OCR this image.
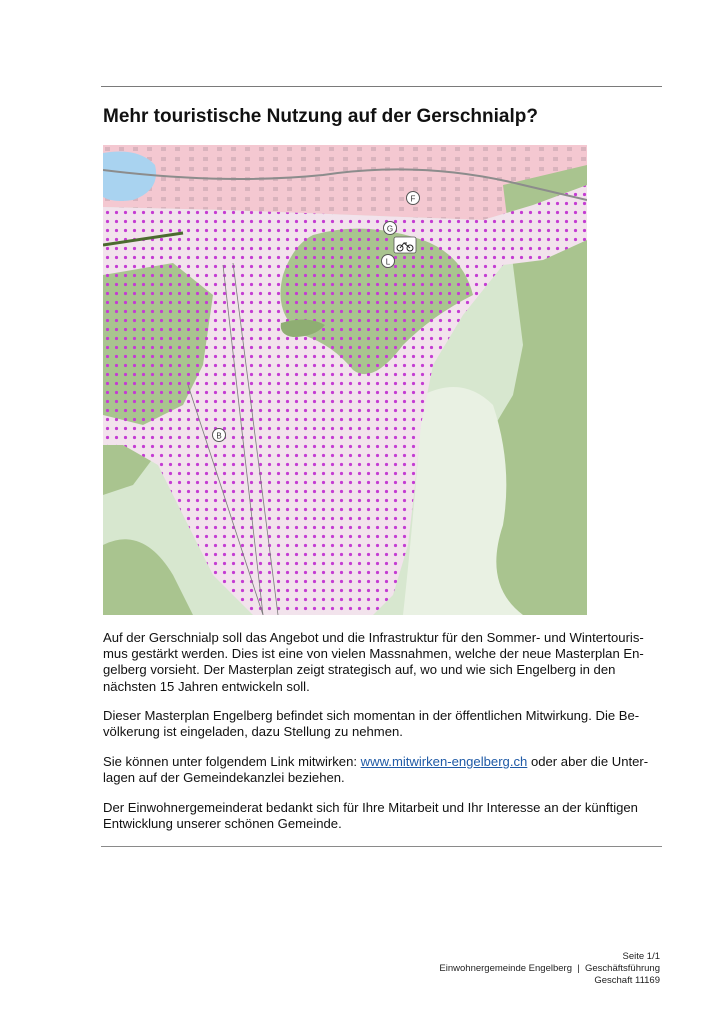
Mehr touristische Nutzung auf der Gerschnialp?
F
G
L
B

Auf der Gerschnialp soll das Angebot und die Infrastruktur für den Sommer- und Wintertouris-mus gestärkt werden. Dies ist eine von vielen Massnahmen, welche der neue Masterplan En-gelberg vorsieht. Der Masterplan zeigt strategisch auf, wo und wie sich Engelberg in den nächsten 15 Jahren entwickeln soll.

Dieser Masterplan Engelberg befindet sich momentan in der öffentlichen Mitwirkung. Die Be-völkerung ist eingeladen, dazu Stellung zu nehmen.

Sie können unter folgendem Link mitwirken: www.mitwirken-engelberg.ch oder aber die Unter-lagen auf der Gemeindekanzlei beziehen.

Der Einwohnergemeinderat bedankt sich für Ihre Mitarbeit und Ihr Interesse an der künftigen Entwicklung unserer schönen Gemeinde.

Seite 1/1
Einwohnergemeinde Engelberg  |  Geschäftsführung
Geschaft 11169
